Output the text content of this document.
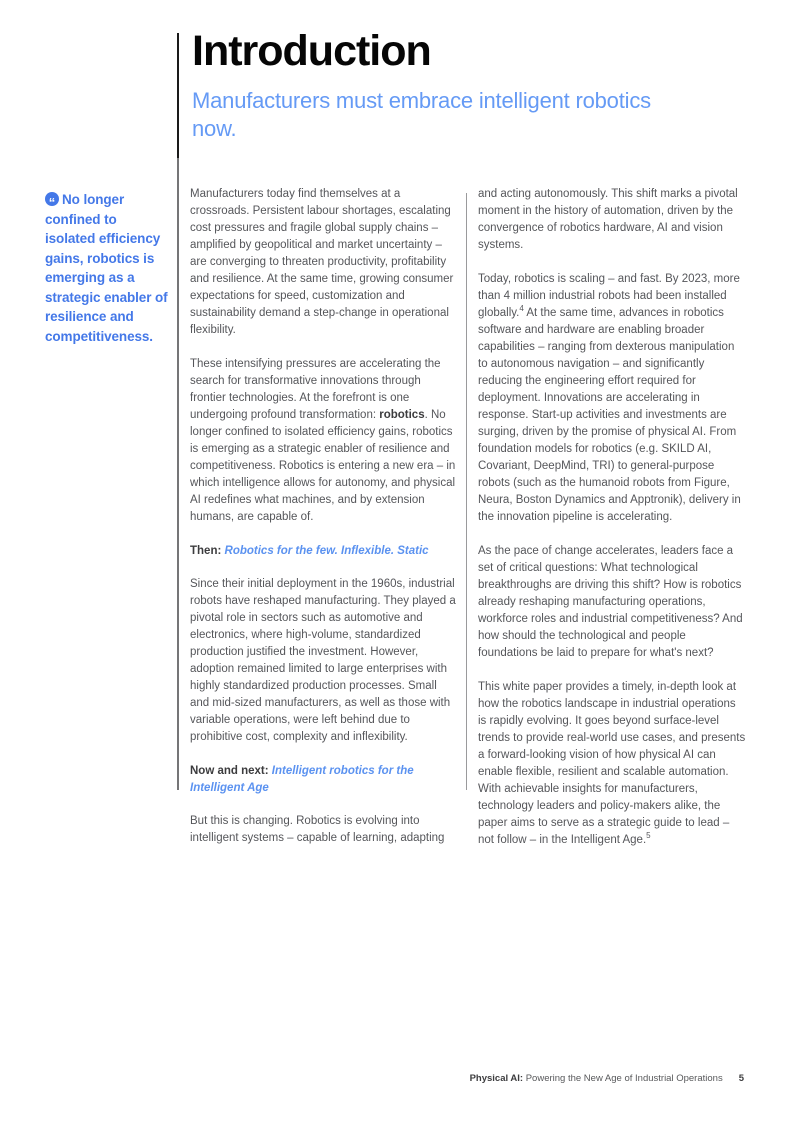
Introduction
Manufacturers must embrace intelligent robotics now.
“No longer confined to isolated efficiency gains, robotics is emerging as a strategic enabler of resilience and competitiveness.

Manufacturers today find themselves at a crossroads. Persistent labour shortages, escalating cost pressures and fragile global supply chains – amplified by geopolitical and market uncertainty – are converging to threaten productivity, profitability and resilience. At the same time, growing consumer expectations for speed, customization and sustainability demand a step-change in operational flexibility.

These intensifying pressures are accelerating the search for transformative innovations through frontier technologies. At the forefront is one undergoing profound transformation: robotics. No longer confined to isolated efficiency gains, robotics is emerging as a strategic enabler of resilience and competitiveness. Robotics is entering a new era – in which intelligence allows for autonomy, and physical AI redefines what machines, and by extension humans, are capable of.

Then: Robotics for the few. Inflexible. Static

Since their initial deployment in the 1960s, industrial robots have reshaped manufacturing. They played a pivotal role in sectors such as automotive and electronics, where high-volume, standardized production justified the investment. However, adoption remained limited to large enterprises with highly standardized production processes. Small and mid-sized manufacturers, as well as those with variable operations, were left behind due to prohibitive cost, complexity and inflexibility.

Now and next: Intelligent robotics for the Intelligent Age

But this is changing. Robotics is evolving into intelligent systems – capable of learning, adapting

and acting autonomously. This shift marks a pivotal moment in the history of automation, driven by the convergence of robotics hardware, AI and vision systems.

Today, robotics is scaling – and fast. By 2023, more than 4 million industrial robots had been installed globally.$^4$ At the same time, advances in robotics software and hardware are enabling broader capabilities – ranging from dexterous manipulation to autonomous navigation – and significantly reducing the engineering effort required for deployment. Innovations are accelerating in response. Start-up activities and investments are surging, driven by the promise of physical AI. From foundation models for robotics (e.g. SKILD AI, Covariant, DeepMind, TRI) to general-purpose robots (such as the humanoid robots from Figure, Neura, Boston Dynamics and Apptronik), delivery in the innovation pipeline is accelerating.

As the pace of change accelerates, leaders face a set of critical questions: What technological breakthroughs are driving this shift? How is robotics already reshaping manufacturing operations, workforce roles and industrial competitiveness? And how should the technological and people foundations be laid to prepare for what's next?

This white paper provides a timely, in-depth look at how the robotics landscape in industrial operations is rapidly evolving. It goes beyond surface-level trends to provide real-world use cases, and presents a forward-looking vision of how physical AI can enable flexible, resilient and scalable automation. With achievable insights for manufacturers, technology leaders and policy-makers alike, the paper aims to serve as a strategic guide to lead – not follow – in the Intelligent Age.$^5$

Physical AI: Powering the New Age of Industrial Operations 5
